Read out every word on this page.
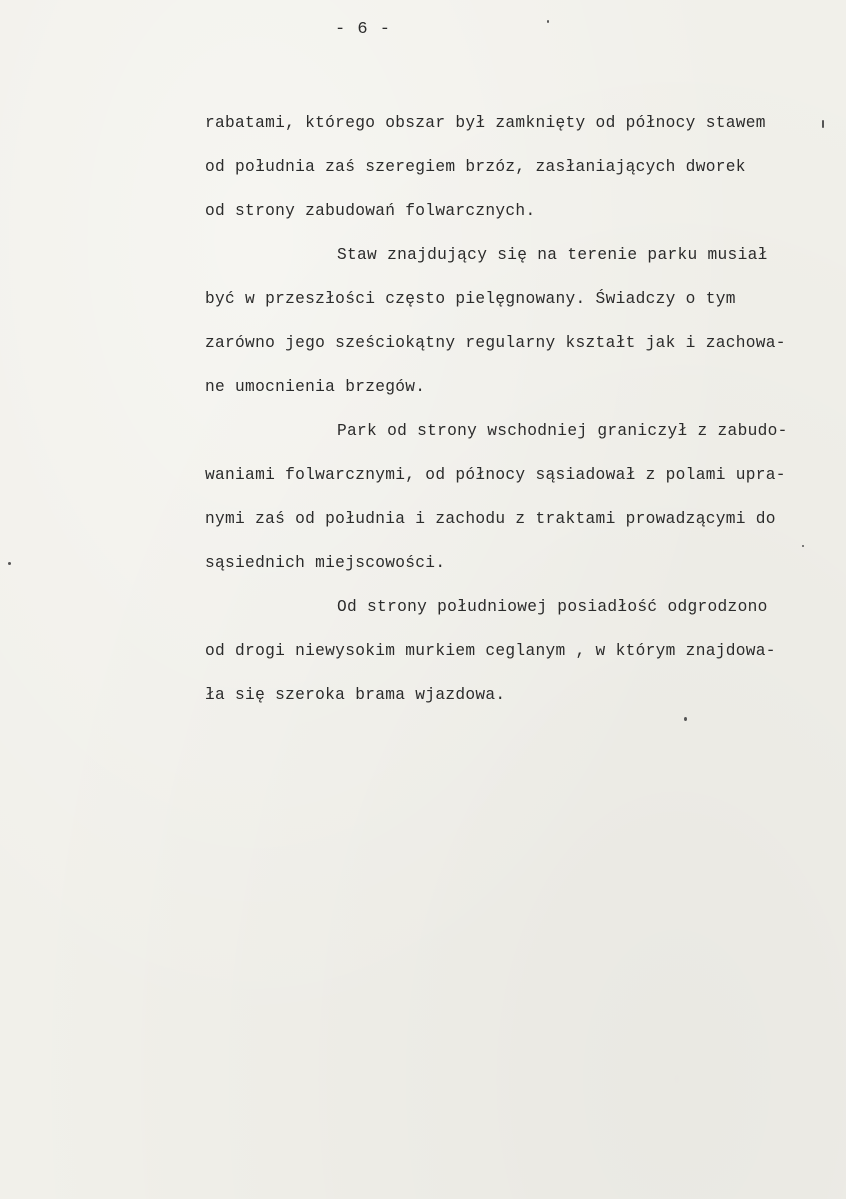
- 6 -
rabatami, którego obszar był zamknięty od północy stawem
od południa zaś szeregiem brzóz, zasłaniających dworek
od strony zabudowań folwarcznych.
Staw znajdujący się na terenie parku musiał
być w przeszłości często pielęgnowany. Świadczy o tym
zarówno jego sześciokątny regularny kształt jak i zachowa-
ne umocnienia brzegów.
Park od strony wschodniej graniczył z zabudo-
waniami folwarcznymi, od północy sąsiadował z polami upra-
nymi zaś od południa i zachodu z traktami prowadzącymi do
sąsiednich miejscowości.
Od strony południowej posiadłość odgrodzono
od drogi niewysokim murkiem ceglanym , w którym znajdowa-
ła się szeroka brama wjazdowa.
